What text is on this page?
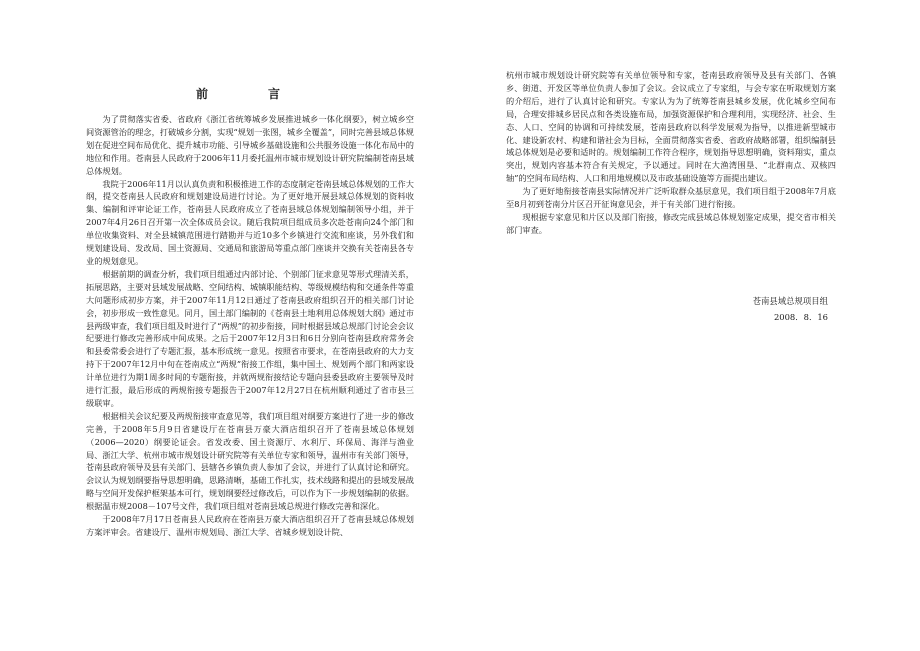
前　言

为了贯彻落实省委、省政府《浙江省统筹城乡发展推进城乡一体化纲要》，树立城乡空间资源管治的理念，打破城乡分割，实现“规划一张图，城乡全覆盖”，同时完善县域总体规划在促进空间布局优化、提升城市功能、引导城乡基础设施和公共服务设施一体化布局中的地位和作用。苍南县人民政府于2006年11月委托温州市城市规划设计研究院编制苍南县域总体规划。

我院于2006年11月以认真负责和积极推进工作的态度制定苍南县域总体规划的工作大纲，提交苍南县人民政府和规划建设局进行讨论。为了更好地开展县域总体规划的资料收集、编制和评审论证工作，苍南县人民政府成立了苍南县域总体规划编制领导小组，并于2007年4月26日召开第一次全体成员会议。随后我院项目组成员多次赴苍南向24个部门和单位收集资料、对全县城镇范围进行踏勘并与近10多个乡镇进行交流和座谈，另外我们和规划建设局、发改局、国土资源局、交通局和旅游局等重点部门座谈并交换有关苍南县各专业的规划意见。

根据前期的调查分析，我们项目组通过内部讨论、个别部门征求意见等形式理清关系，拓展思路，主要对县域发展战略、空间结构、城镇职能结构、等级规模结构和交通条件等重大问题形成初步方案，并于2007年11月12日通过了苍南县政府组织召开的相关部门讨论会，初步形成一致性意见。同月，国土部门编制的《苍南县土地利用总体规划大纲》通过市县两级审查，我们项目组及时进行了“两规”的初步衔接，同时根据县域总规部门讨论会会议纪要进行修改完善形成中间成果。之后于2007年12月3日和6日分别向苍南县政府常务会和县委常委会进行了专题汇报，基本形成统一意见。按照省市要求，在苍南县政府的大力支持下于2007年12月中旬在苍南成立“两规”衔接工作组，集中国土、规划两个部门和两家设计单位进行为期1周多时间的专题衔接，并就两规衔接结论专题向县委县政府主要领导及时进行汇报，最后形成的两规衔接专题报告于2007年12月27日在杭州顺利通过了省市县三级联审。

根据相关会议纪要及两规衔接审查意见等，我们项目组对纲要方案进行了进一步的修改完善，于2008年5月9日省建设厅在苍南县万豪大酒店组织召开了苍南县域总体规划（2006—2020）纲要论证会。省发改委、国土资源厅、水利厅、环保局、海洋与渔业局、浙江大学、杭州市城市规划设计研究院等有关单位专家和领导，温州市有关部门领导，苍南县政府领导及县有关部门、县辖各乡镇负责人参加了会议，并进行了认真讨论和研究。会议认为规划纲要指导思想明确，思路清晰，基础工作扎实，技术线路和提出的县域发展战略与空间开发保护框架基本可行，规划纲要经过修改后，可以作为下一步规划编制的依据。根据温市规2008－107号文件，我们项目组对苍南县域总规进行修改完善和深化。

于2008年7月17日苍南县人民政府在苍南县万豪大酒店组织召开了苍南县域总体规划方案评审会。省建设厅、温州市规划局、浙江大学、省城乡规划设计院、

杭州市城市规划设计研究院等有关单位领导和专家，苍南县政府领导及县有关部门、各镇乡、街道、开发区等单位负责人参加了会议。会议成立了专家组，与会专家在听取规划方案的介绍后，进行了认真讨论和研究。专家认为为了统筹苍南县城乡发展，优化城乡空间布局，合理安排城乡居民点和各类设施布局，加强资源保护和合理利用，实现经济、社会、生态、人口、空间的协调和可持续发展，苍南县政府以科学发展观为指导，以推进新型城市化、建设新农村、构建和谐社会为目标，全面贯彻落实省委、省政府战略部署，组织编制县域总体规划是必要和适时的。规划编制工作符合程序，规划指导思想明确，资料翔实，重点突出，规划内容基本符合有关规定，予以通过。同时在大渔湾围垦、“北群南点、双核四轴”的空间布局结构、人口和用地规模以及市政基础设施等方面提出建议。

为了更好地衔接苍南县实际情况并广泛听取群众基层意见，我们项目组于2008年7月底至8月初到苍南分片区召开征询意见会，并于有关部门进行衔接。

现根据专家意见和片区以及部门衔接，修改完成县域总体规划鉴定成果，提交省市相关部门审查。

苍南县域总规项目组

2008．8．16
